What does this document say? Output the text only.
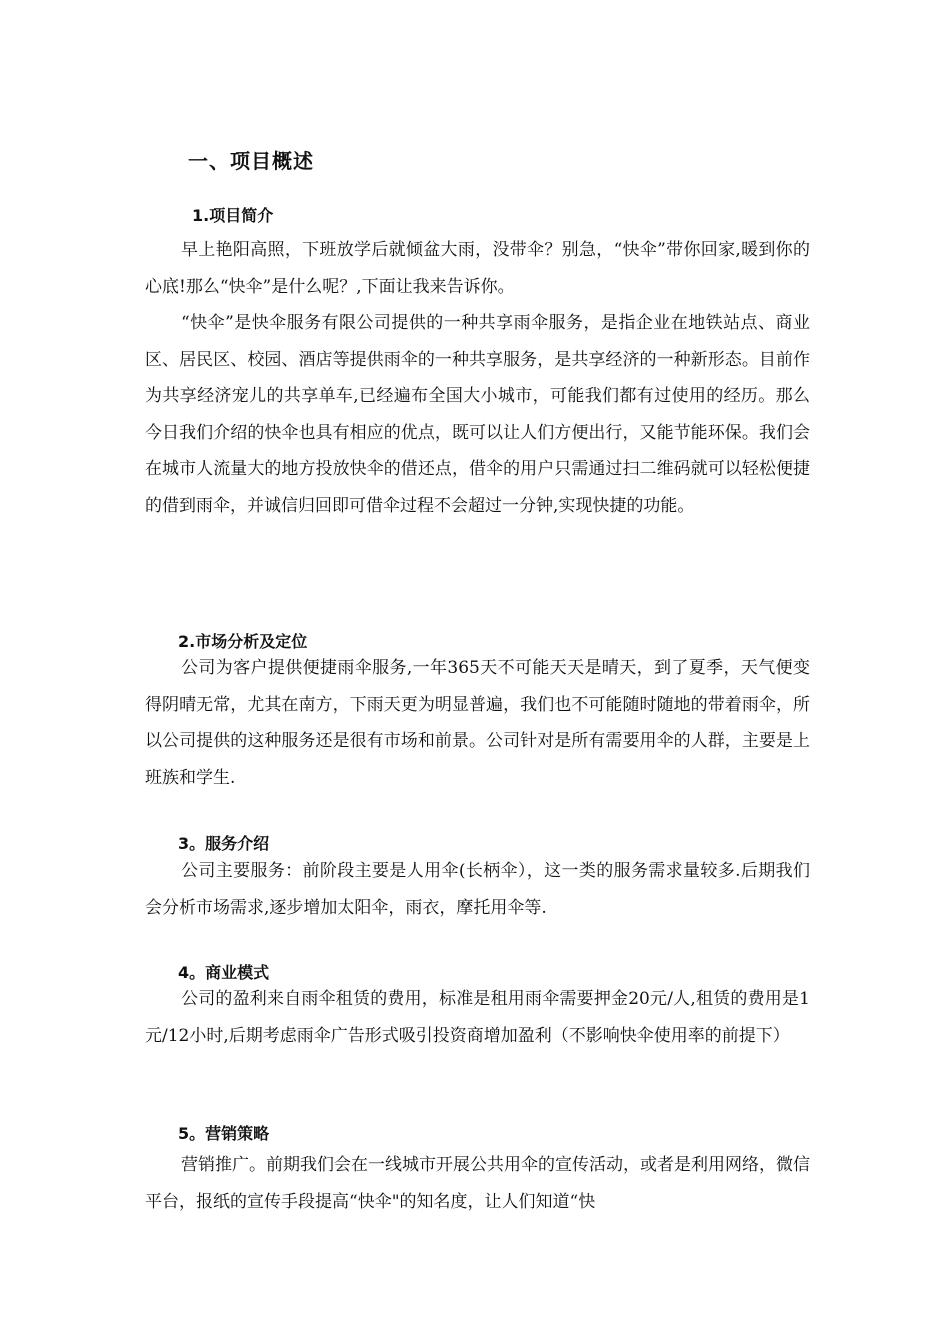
一、项目概述
1.项目简介

早上艳阳高照，下班放学后就倾盆大雨，没带伞？别急，“快伞”带你回家,暖到你的心底!那么“快伞”是什么呢？,下面让我来告诉你。

“快伞”是快伞服务有限公司提供的一种共享雨伞服务，是指企业在地铁站点、商业区、居民区、校园、酒店等提供雨伞的一种共享服务，是共享经济的一种新形态。目前作为共享经济宠儿的共享单车,已经遍布全国大小城市，可能我们都有过使用的经历。那么今日我们介绍的快伞也具有相应的优点，既可以让人们方便出行，又能节能环保。我们会在城市人流量大的地方投放快伞的借还点，借伞的用户只需通过扫二维码就可以轻松便捷的借到雨伞，并诚信归回即可借伞过程不会超过一分钟,实现快捷的功能。

2.市场分析及定位

公司为客户提供便捷雨伞服务,一年365天不可能天天是晴天，到了夏季，天气便变得阴晴无常，尤其在南方，下雨天更为明显普遍，我们也不可能随时随地的带着雨伞，所以公司提供的这种服务还是很有市场和前景。公司针对是所有需要用伞的人群，主要是上班族和学生.

3。服务介绍

公司主要服务：前阶段主要是人用伞(长柄伞），这一类的服务需求量较多.后期我们会分析市场需求,逐步增加太阳伞，雨衣，摩托用伞等.

4。商业模式

公司的盈利来自雨伞租赁的费用，标准是租用雨伞需要押金20元/人,租赁的费用是1元/12小时,后期考虑雨伞广告形式吸引投资商增加盈利（不影响快伞使用率的前提下）

5。营销策略

营销推广。前期我们会在一线城市开展公共用伞的宣传活动，或者是利用网络，微信平台，报纸的宣传手段提高“快伞"的知名度，让人们知道“快
